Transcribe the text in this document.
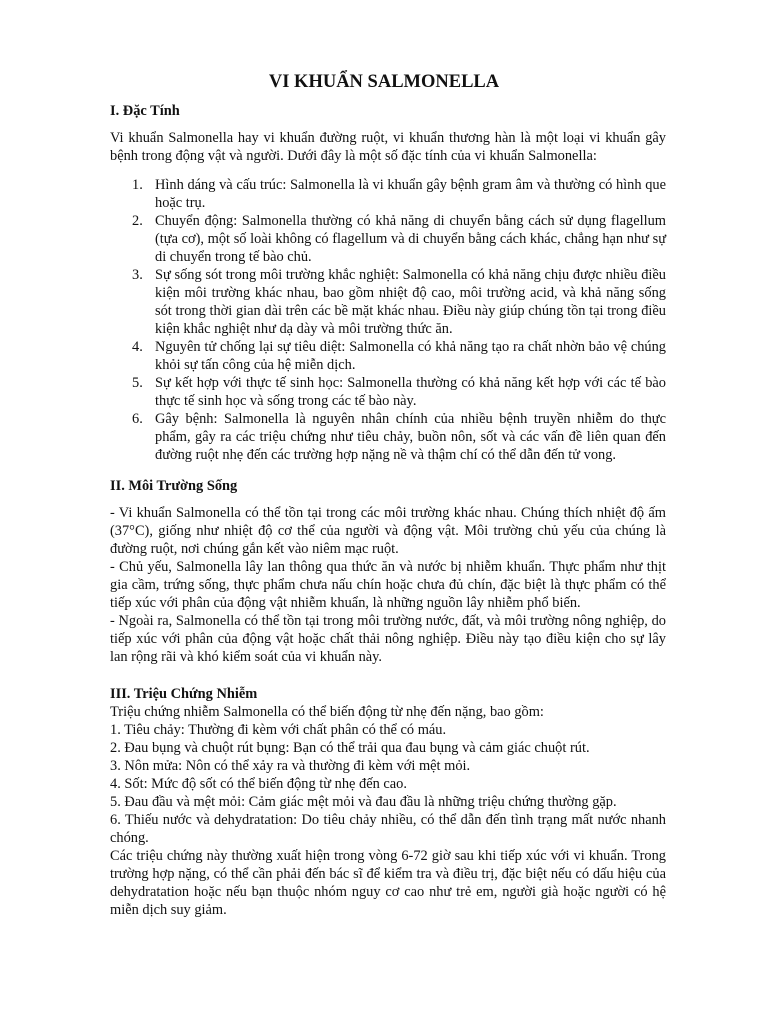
VI KHUẨN SALMONELLA
I. Đặc Tính

Vi khuẩn Salmonella hay vi khuẩn đường ruột, vi khuẩn thương hàn là một loại vi khuẩn gây bệnh trong động vật và người. Dưới đây là một số đặc tính của vi khuẩn Salmonella:

1. Hình dáng và cấu trúc: Salmonella là vi khuẩn gây bệnh gram âm và thường có hình que hoặc trụ.
2. Chuyển động: Salmonella thường có khả năng di chuyển bằng cách sử dụng flagellum (tựa cơ), một số loài không có flagellum và di chuyển bằng cách khác, chẳng hạn như sự di chuyển trong tế bào chủ.
3. Sự sống sót trong môi trường khắc nghiệt: Salmonella có khả năng chịu được nhiều điều kiện môi trường khác nhau, bao gồm nhiệt độ cao, môi trường acid, và khả năng sống sót trong thời gian dài trên các bề mặt khác nhau. Điều này giúp chúng tồn tại trong điều kiện khắc nghiệt như dạ dày và môi trường thức ăn.
4. Nguyên tử chống lại sự tiêu diệt: Salmonella có khả năng tạo ra chất nhờn bảo vệ chúng khỏi sự tấn công của hệ miễn dịch.
5. Sự kết hợp với thực tế sinh học: Salmonella thường có khả năng kết hợp với các tế bào thực tế sinh học và sống trong các tế bào này.
6. Gây bệnh: Salmonella là nguyên nhân chính của nhiều bệnh truyền nhiễm do thực phẩm, gây ra các triệu chứng như tiêu chảy, buồn nôn, sốt và các vấn đề liên quan đến đường ruột nhẹ đến các trường hợp nặng nề và thậm chí có thể dẫn đến tử vong.
II. Môi Trường Sống

- Vi khuẩn Salmonella có thể tồn tại trong các môi trường khác nhau. Chúng thích nhiệt độ ấm (37°C), giống như nhiệt độ cơ thể của người và động vật. Môi trường chủ yếu của chúng là đường ruột, nơi chúng gắn kết vào niêm mạc ruột.

- Chủ yếu, Salmonella lây lan thông qua thức ăn và nước bị nhiễm khuẩn. Thực phẩm như thịt gia cầm, trứng sống, thực phẩm chưa nấu chín hoặc chưa đủ chín, đặc biệt là thực phẩm có thể tiếp xúc với phân của động vật nhiễm khuẩn, là những nguồn lây nhiễm phổ biến.

- Ngoài ra, Salmonella có thể tồn tại trong môi trường nước, đất, và môi trường nông nghiệp, do tiếp xúc với phân của động vật hoặc chất thải nông nghiệp. Điều này tạo điều kiện cho sự lây lan rộng rãi và khó kiểm soát của vi khuẩn này.

III. Triệu Chứng Nhiễm

Triệu chứng nhiễm Salmonella có thể biến động từ nhẹ đến nặng, bao gồm:

1. Tiêu chảy: Thường đi kèm với chất phân có thể có máu.

2. Đau bụng và chuột rút bụng: Bạn có thể trải qua đau bụng và cảm giác chuột rút.

3. Nôn mửa: Nôn có thể xảy ra và thường đi kèm với mệt mỏi.

4. Sốt: Mức độ sốt có thể biến động từ nhẹ đến cao.

5. Đau đầu và mệt mỏi: Cảm giác mệt mỏi và đau đầu là những triệu chứng thường gặp.

6. Thiếu nước và dehydratation: Do tiêu chảy nhiều, có thể dẫn đến tình trạng mất nước nhanh chóng.

Các triệu chứng này thường xuất hiện trong vòng 6-72 giờ sau khi tiếp xúc với vi khuẩn. Trong trường hợp nặng, có thể cần phải đến bác sĩ để kiểm tra và điều trị, đặc biệt nếu có dấu hiệu của dehydratation hoặc nếu bạn thuộc nhóm nguy cơ cao như trẻ em, người già hoặc người có hệ miễn dịch suy giảm.
